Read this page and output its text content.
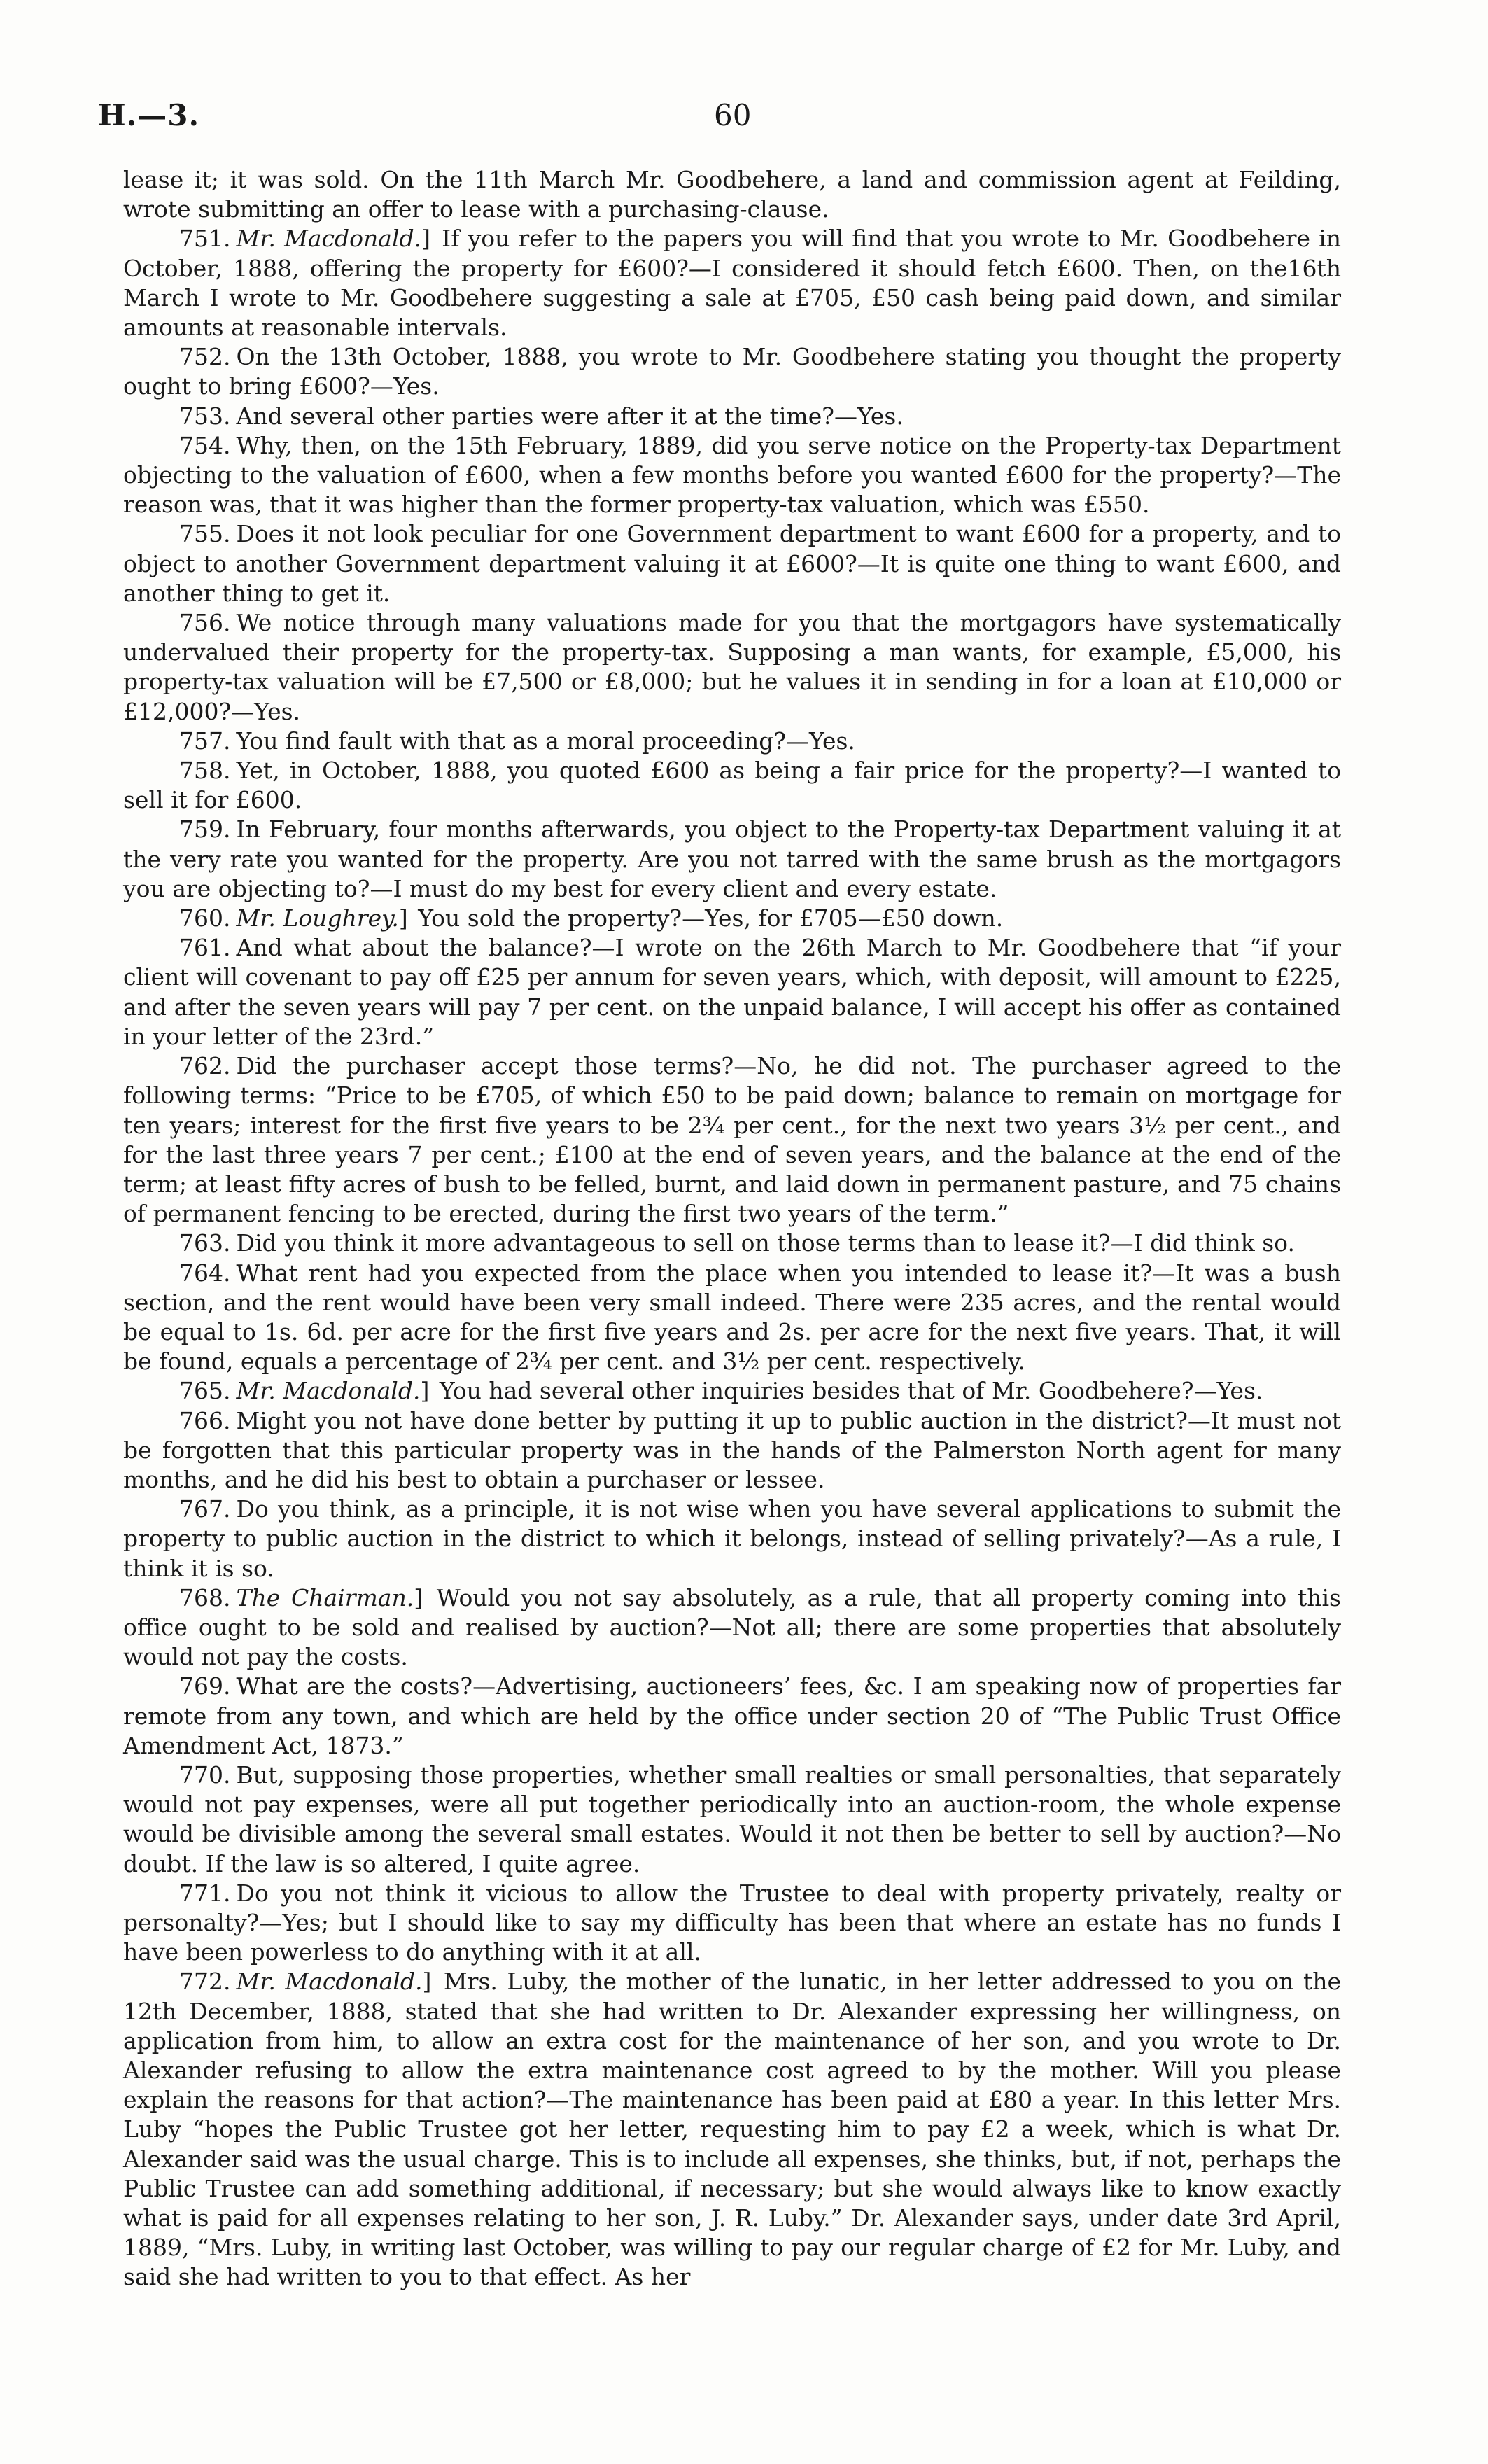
H.—3.	60

lease it; it was sold. On the 11th March Mr. Goodbehere, a land and commission agent at Feilding, wrote submitting an offer to lease with a purchasing-clause.

751. Mr. Macdonald.] If you refer to the papers you will find that you wrote to Mr. Goodbehere in October, 1888, offering the property for £600?—I considered it should fetch £600. Then, on the16th March I wrote to Mr. Goodbehere suggesting a sale at £705, £50 cash being paid down, and similar amounts at reasonable intervals.

752. On the 13th October, 1888, you wrote to Mr. Goodbehere stating you thought the property ought to bring £600?—Yes.

753. And several other parties were after it at the time?—Yes.

754. Why, then, on the 15th February, 1889, did you serve notice on the Property-tax Department objecting to the valuation of £600, when a few months before you wanted £600 for the property?—The reason was, that it was higher than the former property-tax valuation, which was £550.

755. Does it not look peculiar for one Government department to want £600 for a property, and to object to another Government department valuing it at £600?—It is quite one thing to want £600, and another thing to get it.

756. We notice through many valuations made for you that the mortgagors have systematically undervalued their property for the property-tax. Supposing a man wants, for example, £5,000, his property-tax valuation will be £7,500 or £8,000; but he values it in sending in for a loan at £10,000 or £12,000?—Yes.

757. You find fault with that as a moral proceeding?—Yes.

758. Yet, in October, 1888, you quoted £600 as being a fair price for the property?—I wanted to sell it for £600.

759. In February, four months afterwards, you object to the Property-tax Department valuing it at the very rate you wanted for the property. Are you not tarred with the same brush as the mortgagors you are objecting to?—I must do my best for every client and every estate.

760. Mr. Loughrey.] You sold the property?—Yes, for £705—£50 down.

761. And what about the balance?—I wrote on the 26th March to Mr. Goodbehere that “if your client will covenant to pay off £25 per annum for seven years, which, with deposit, will amount to £225, and after the seven years will pay 7 per cent. on the unpaid balance, I will accept his offer as contained in your letter of the 23rd.”

762. Did the purchaser accept those terms?—No, he did not. The purchaser agreed to the following terms: “Price to be £705, of which £50 to be paid down; balance to remain on mortgage for ten years; interest for the first five years to be 2¾ per cent., for the next two years 3½ per cent., and for the last three years 7 per cent.; £100 at the end of seven years, and the balance at the end of the term; at least fifty acres of bush to be felled, burnt, and laid down in permanent pasture, and 75 chains of permanent fencing to be erected, during the first two years of the term.”

763. Did you think it more advantageous to sell on those terms than to lease it?—I did think so.

764. What rent had you expected from the place when you intended to lease it?—It was a bush section, and the rent would have been very small indeed. There were 235 acres, and the rental would be equal to 1s. 6d. per acre for the first five years and 2s. per acre for the next five years. That, it will be found, equals a percentage of 2¾ per cent. and 3½ per cent. respectively.

765. Mr. Macdonald.] You had several other inquiries besides that of Mr. Goodbehere?—Yes.

766. Might you not have done better by putting it up to public auction in the district?—It must not be forgotten that this particular property was in the hands of the Palmerston North agent for many months, and he did his best to obtain a purchaser or lessee.

767. Do you think, as a principle, it is not wise when you have several applications to submit the property to public auction in the district to which it belongs, instead of selling privately?—As a rule, I think it is so.

768. The Chairman.] Would you not say absolutely, as a rule, that all property coming into this office ought to be sold and realised by auction?—Not all; there are some properties that absolutely would not pay the costs.

769. What are the costs?—Advertising, auctioneers’ fees, &c. I am speaking now of properties far remote from any town, and which are held by the office under section 20 of “The Public Trust Office Amendment Act, 1873.”

770. But, supposing those properties, whether small realties or small personalties, that separately would not pay expenses, were all put together periodically into an auction-room, the whole expense would be divisible among the several small estates. Would it not then be better to sell by auction?—No doubt. If the law is so altered, I quite agree.

771. Do you not think it vicious to allow the Trustee to deal with property privately, realty or personalty?—Yes; but I should like to say my difficulty has been that where an estate has no funds I have been powerless to do anything with it at all.

772. Mr. Macdonald.] Mrs. Luby, the mother of the lunatic, in her letter addressed to you on the 12th December, 1888, stated that she had written to Dr. Alexander expressing her willingness, on application from him, to allow an extra cost for the maintenance of her son, and you wrote to Dr. Alexander refusing to allow the extra maintenance cost agreed to by the mother. Will you please explain the reasons for that action?—The maintenance has been paid at £80 a year. In this letter Mrs. Luby “hopes the Public Trustee got her letter, requesting him to pay £2 a week, which is what Dr. Alexander said was the usual charge. This is to include all expenses, she thinks, but, if not, perhaps the Public Trustee can add something additional, if necessary; but she would always like to know exactly what is paid for all expenses relating to her son, J. R. Luby.” Dr. Alexander says, under date 3rd April, 1889, “Mrs. Luby, in writing last October, was willing to pay our regular charge of £2 for Mr. Luby, and said she had written to you to that effect. As her
